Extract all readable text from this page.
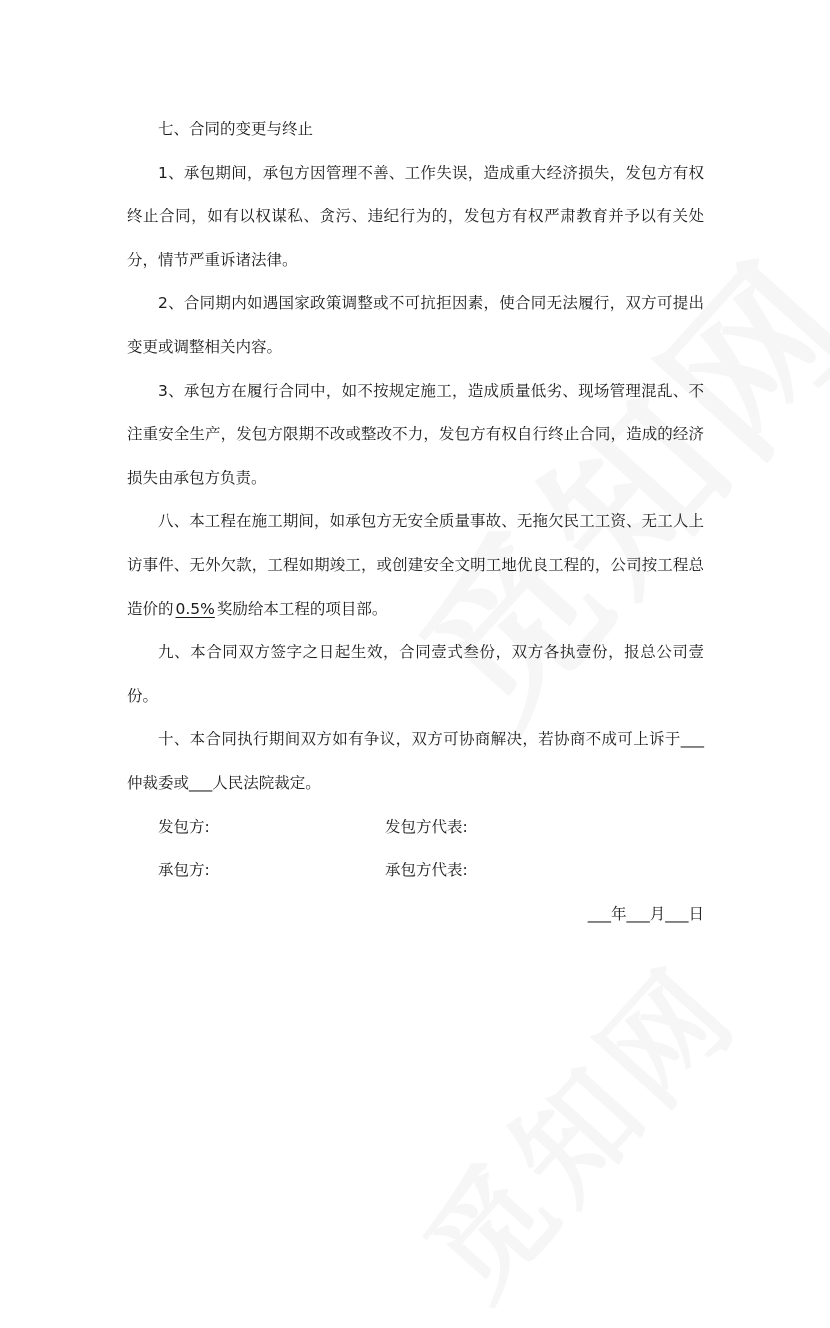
七、合同的变更与终止

1、承包期间，承包方因管理不善、工作失误，造成重大经济损失，发包方有权终止合同，如有以权谋私、贪污、违纪行为的，发包方有权严肃教育并予以有关处分，情节严重诉诸法律。

2、合同期内如遇国家政策调整或不可抗拒因素，使合同无法履行，双方可提出变更或调整相关内容。

3、承包方在履行合同中，如不按规定施工，造成质量低劣、现场管理混乱、不注重安全生产，发包方限期不改或整改不力，发包方有权自行终止合同，造成的经济损失由承包方负责。

八、本工程在施工期间，如承包方无安全质量事故、无拖欠民工工资、无工人上访事件、无外欠款，工程如期竣工，或创建安全文明工地优良工程的，公司按工程总造价的 0.5% 奖励给本工程的项目部。

九、本合同双方签字之日起生效，合同壹式叁份，双方各执壹份，报总公司壹份。

十、本合同执行期间双方如有争议，双方可协商解决，若协商不成可上诉于___仲裁委或___人民法院裁定。

发包方:	发包方代表:
承包方:	承包方代表:
___年___月___日
